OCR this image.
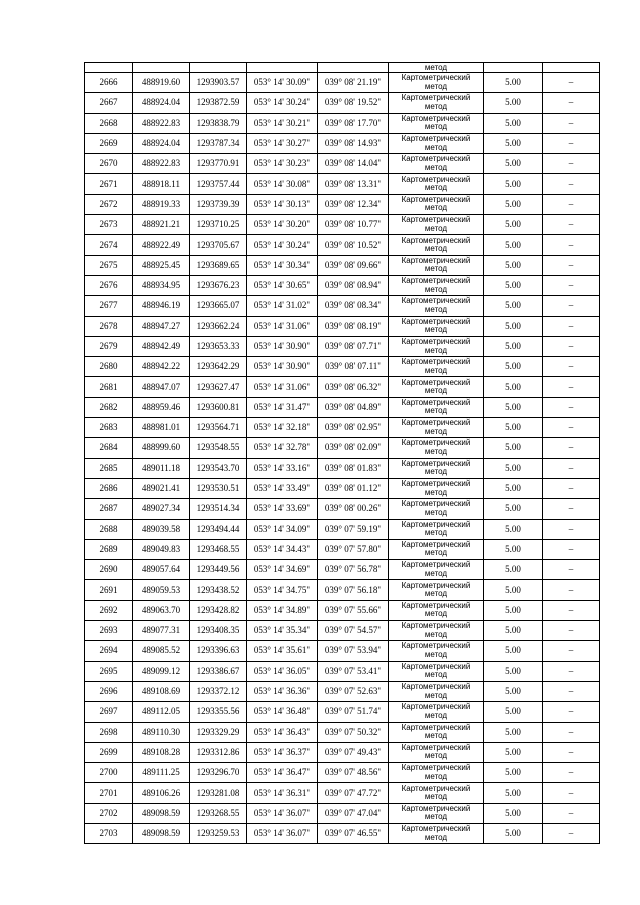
					метод		
2666	488919.60	1293903.57	053° 14' 30.09"	039° 08' 21.19"	Картометрический
метод	5.00	–
2667	488924.04	1293872.59	053° 14' 30.24"	039° 08' 19.52"	Картометрический
метод	5.00	–
2668	488922.83	1293838.79	053° 14' 30.21"	039° 08' 17.70"	Картометрический
метод	5.00	–
2669	488924.04	1293787.34	053° 14' 30.27"	039° 08' 14.93"	Картометрический
метод	5.00	–
2670	488922.83	1293770.91	053° 14' 30.23"	039° 08' 14.04"	Картометрический
метод	5.00	–
2671	488918.11	1293757.44	053° 14' 30.08"	039° 08' 13.31"	Картометрический
метод	5.00	–
2672	488919.33	1293739.39	053° 14' 30.13"	039° 08' 12.34"	Картометрический
метод	5.00	–
2673	488921.21	1293710.25	053° 14' 30.20"	039° 08' 10.77"	Картометрический
метод	5.00	–
2674	488922.49	1293705.67	053° 14' 30.24"	039° 08' 10.52"	Картометрический
метод	5.00	–
2675	488925.45	1293689.65	053° 14' 30.34"	039° 08' 09.66"	Картометрический
метод	5.00	–
2676	488934.95	1293676.23	053° 14' 30.65"	039° 08' 08.94"	Картометрический
метод	5.00	–
2677	488946.19	1293665.07	053° 14' 31.02"	039° 08' 08.34"	Картометрический
метод	5.00	–
2678	488947.27	1293662.24	053° 14' 31.06"	039° 08' 08.19"	Картометрический
метод	5.00	–
2679	488942.49	1293653.33	053° 14' 30.90"	039° 08' 07.71"	Картометрический
метод	5.00	–
2680	488942.22	1293642.29	053° 14' 30.90"	039° 08' 07.11"	Картометрический
метод	5.00	–
2681	488947.07	1293627.47	053° 14' 31.06"	039° 08' 06.32"	Картометрический
метод	5.00	–
2682	488959.46	1293600.81	053° 14' 31.47"	039° 08' 04.89"	Картометрический
метод	5.00	–
2683	488981.01	1293564.71	053° 14' 32.18"	039° 08' 02.95"	Картометрический
метод	5.00	–
2684	488999.60	1293548.55	053° 14' 32.78"	039° 08' 02.09"	Картометрический
метод	5.00	–
2685	489011.18	1293543.70	053° 14' 33.16"	039° 08' 01.83"	Картометрический
метод	5.00	–
2686	489021.41	1293530.51	053° 14' 33.49"	039° 08' 01.12"	Картометрический
метод	5.00	–
2687	489027.34	1293514.34	053° 14' 33.69"	039° 08' 00.26"	Картометрический
метод	5.00	–
2688	489039.58	1293494.44	053° 14' 34.09"	039° 07' 59.19"	Картометрический
метод	5.00	–
2689	489049.83	1293468.55	053° 14' 34.43"	039° 07' 57.80"	Картометрический
метод	5.00	–
2690	489057.64	1293449.56	053° 14' 34.69"	039° 07' 56.78"	Картометрический
метод	5.00	–
2691	489059.53	1293438.52	053° 14' 34.75"	039° 07' 56.18"	Картометрический
метод	5.00	–
2692	489063.70	1293428.82	053° 14' 34.89"	039° 07' 55.66"	Картометрический
метод	5.00	–
2693	489077.31	1293408.35	053° 14' 35.34"	039° 07' 54.57"	Картометрический
метод	5.00	–
2694	489085.52	1293396.63	053° 14' 35.61"	039° 07' 53.94"	Картометрический
метод	5.00	–
2695	489099.12	1293386.67	053° 14' 36.05"	039° 07' 53.41"	Картометрический
метод	5.00	–
2696	489108.69	1293372.12	053° 14' 36.36"	039° 07' 52.63"	Картометрический
метод	5.00	–
2697	489112.05	1293355.56	053° 14' 36.48"	039° 07' 51.74"	Картометрический
метод	5.00	–
2698	489110.30	1293329.29	053° 14' 36.43"	039° 07' 50.32"	Картометрический
метод	5.00	–
2699	489108.28	1293312.86	053° 14' 36.37"	039° 07' 49.43"	Картометрический
метод	5.00	–
2700	489111.25	1293296.70	053° 14' 36.47"	039° 07' 48.56"	Картометрический
метод	5.00	–
2701	489106.26	1293281.08	053° 14' 36.31"	039° 07' 47.72"	Картометрический
метод	5.00	–
2702	489098.59	1293268.55	053° 14' 36.07"	039° 07' 47.04"	Картометрический
метод	5.00	–
2703	489098.59	1293259.53	053° 14' 36.07"	039° 07' 46.55"	Картометрический
метод	5.00	–
